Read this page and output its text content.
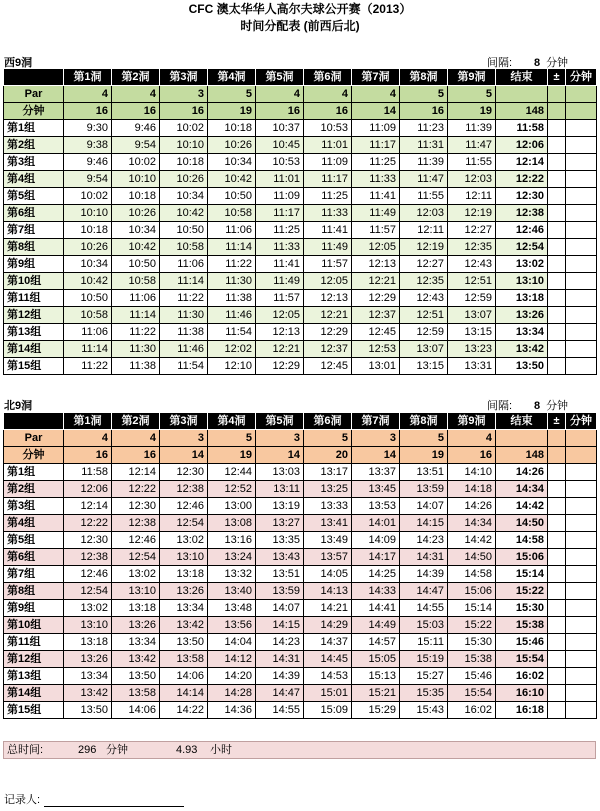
CFC 澳太华华人高尔夫球公开赛（2013）
时间分配表 (前西后北)
西9洞	间隔: 8 分钟
	第1洞	第2洞	第3洞	第4洞	第5洞	第6洞	第7洞	第8洞	第9洞	结束	±	分钟
Par	4	4	3	5	4	4	4	5	5			
分钟	16	16	16	19	16	16	14	16	19	148		
第1组	9:30	9:46	10:02	10:18	10:37	10:53	11:09	11:23	11:39	11:58		
第2组	9:38	9:54	10:10	10:26	10:45	11:01	11:17	11:31	11:47	12:06		
第3组	9:46	10:02	10:18	10:34	10:53	11:09	11:25	11:39	11:55	12:14		
第4组	9:54	10:10	10:26	10:42	11:01	11:17	11:33	11:47	12:03	12:22		
第5组	10:02	10:18	10:34	10:50	11:09	11:25	11:41	11:55	12:11	12:30		
第6组	10:10	10:26	10:42	10:58	11:17	11:33	11:49	12:03	12:19	12:38		
第7组	10:18	10:34	10:50	11:06	11:25	11:41	11:57	12:11	12:27	12:46		
第8组	10:26	10:42	10:58	11:14	11:33	11:49	12:05	12:19	12:35	12:54		
第9组	10:34	10:50	11:06	11:22	11:41	11:57	12:13	12:27	12:43	13:02		
第10组	10:42	10:58	11:14	11:30	11:49	12:05	12:21	12:35	12:51	13:10		
第11组	10:50	11:06	11:22	11:38	11:57	12:13	12:29	12:43	12:59	13:18		
第12组	10:58	11:14	11:30	11:46	12:05	12:21	12:37	12:51	13:07	13:26		
第13组	11:06	11:22	11:38	11:54	12:13	12:29	12:45	12:59	13:15	13:34		
第14组	11:14	11:30	11:46	12:02	12:21	12:37	12:53	13:07	13:23	13:42		
第15组	11:22	11:38	11:54	12:10	12:29	12:45	13:01	13:15	13:31	13:50		
北9洞	间隔: 8 分钟
	第1洞	第2洞	第3洞	第4洞	第5洞	第6洞	第7洞	第8洞	第9洞	结束	±	分钟
Par	4	4	3	5	3	5	3	5	4			
分钟	16	16	14	19	14	20	14	19	16	148		
第1组	11:58	12:14	12:30	12:44	13:03	13:17	13:37	13:51	14:10	14:26		
第2组	12:06	12:22	12:38	12:52	13:11	13:25	13:45	13:59	14:18	14:34		
第3组	12:14	12:30	12:46	13:00	13:19	13:33	13:53	14:07	14:26	14:42		
第4组	12:22	12:38	12:54	13:08	13:27	13:41	14:01	14:15	14:34	14:50		
第5组	12:30	12:46	13:02	13:16	13:35	13:49	14:09	14:23	14:42	14:58		
第6组	12:38	12:54	13:10	13:24	13:43	13:57	14:17	14:31	14:50	15:06		
第7组	12:46	13:02	13:18	13:32	13:51	14:05	14:25	14:39	14:58	15:14		
第8组	12:54	13:10	13:26	13:40	13:59	14:13	14:33	14:47	15:06	15:22		
第9组	13:02	13:18	13:34	13:48	14:07	14:21	14:41	14:55	15:14	15:30		
第10组	13:10	13:26	13:42	13:56	14:15	14:29	14:49	15:03	15:22	15:38		
第11组	13:18	13:34	13:50	14:04	14:23	14:37	14:57	15:11	15:30	15:46		
第12组	13:26	13:42	13:58	14:12	14:31	14:45	15:05	15:19	15:38	15:54		
第13组	13:34	13:50	14:06	14:20	14:39	14:53	15:13	15:27	15:46	16:02		
第14组	13:42	13:58	14:14	14:28	14:47	15:01	15:21	15:35	15:54	16:10		
第15组	13:50	14:06	14:22	14:36	14:55	15:09	15:29	15:43	16:02	16:18		
总时间:	296 分钟	4.93 小时
记录人:
